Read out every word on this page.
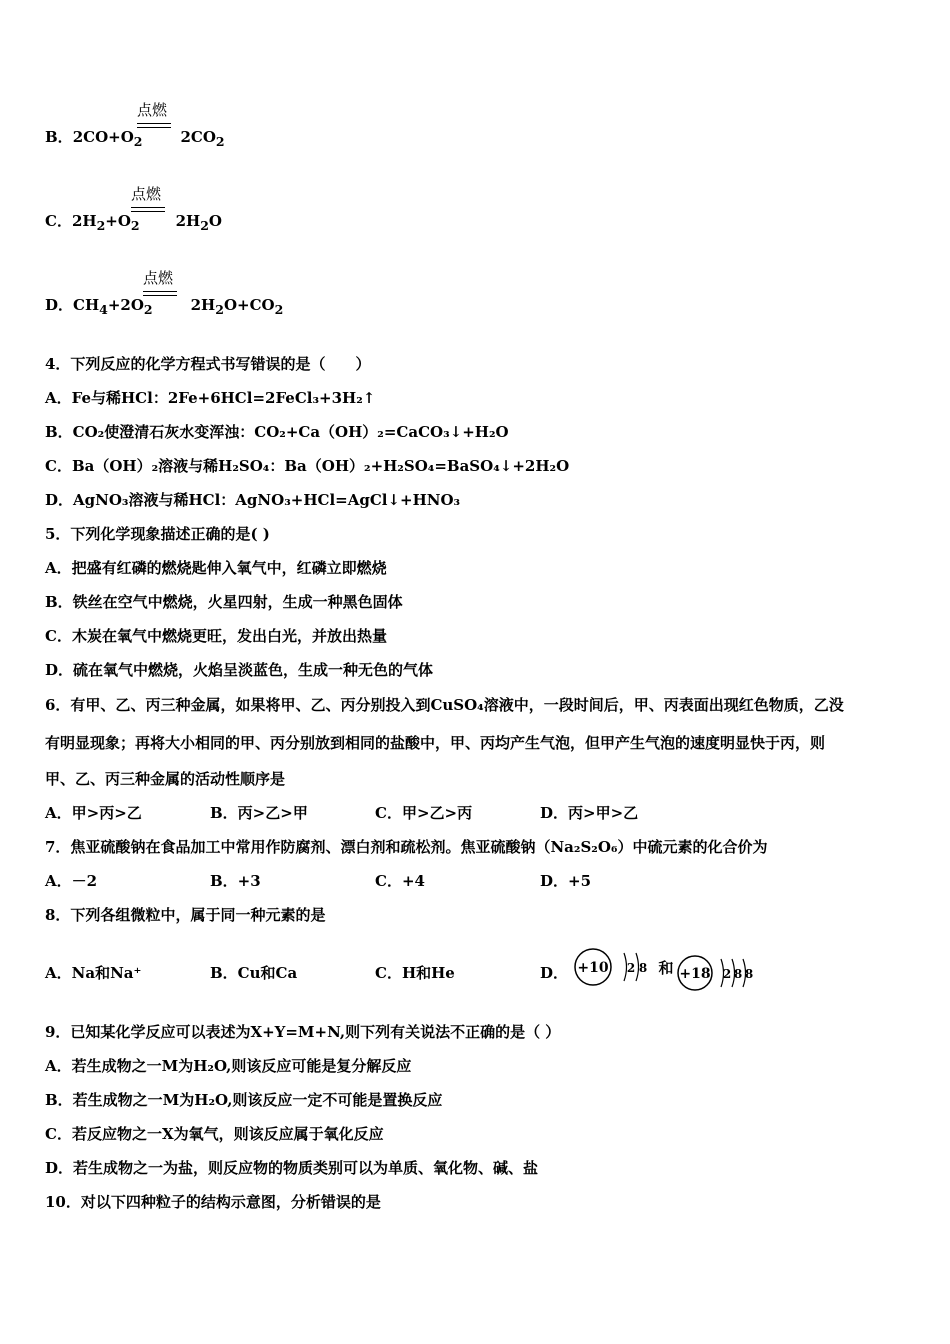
点燃
B．$2CO+O_2$	$2CO_2$
点燃
C．$2H_2+O_2$ $2H_2O$
点燃
D．$CH_4+2O_2$	$2H_2O+CO_2$
4．下列反应的化学方程式书写错误的是（　　）
A．Fe与稀HCl：2Fe+6HCl=2FeCl₃+3H₂↑
B．CO₂使澄清石灰水变浑浊：CO₂+Ca（OH）₂=CaCO₃↓+H₂O
C．Ba（OH）₂溶液与稀H₂SO₄：Ba（OH）₂+H₂SO₄=BaSO₄↓+2H₂O
D．AgNO₃溶液与稀HCl：AgNO₃+HCl=AgCl↓+HNO₃
5．下列化学现象描述正确的是( )
A．把盛有红磷的燃烧匙伸入氧气中，红磷立即燃烧
B．铁丝在空气中燃烧，火星四射，生成一种黑色固体
C．木炭在氧气中燃烧更旺，发出白光，并放出热量
D．硫在氧气中燃烧，火焰呈淡蓝色，生成一种无色的气体
6．有甲、乙、丙三种金属，如果将甲、乙、丙分别投入到CuSO₄溶液中，一段时间后，甲、丙表面出现红色物质，乙没
有明显现象；再将大小相同的甲、丙分别放到相同的盐酸中，甲、丙均产生气泡，但甲产生气泡的速度明显快于丙，则
甲、乙、丙三种金属的活动性顺序是
A．甲>丙>乙	B．丙>乙>甲	C．甲>乙>丙	D．丙>甲>乙
7．焦亚硫酸钠在食品加工中常用作防腐剂、漂白剂和疏松剂。焦亚硫酸钠（Na₂S₂O₆）中硫元素的化合价为
A．－2	B．+3	C．+4	D．+5
8．下列各组微粒中，属于同一种元素的是
A．Na和Na⁺	B．Cu和Ca	C．H和He	D． +10 2 8 和 +18 2 8 8
9．已知某化学反应可以表述为X+Y=M+N,则下列有关说法不正确的是（ ）
A．若生成物之一M为H₂O,则该反应可能是复分解反应
B．若生成物之一M为H₂O,则该反应一定不可能是置换反应
C．若反应物之一X为氧气，则该反应属于氧化反应
D．若生成物之一为盐，则反应物的物质类别可以为单质、氧化物、碱、盐
10．对以下四种粒子的结构示意图，分析错误的是
